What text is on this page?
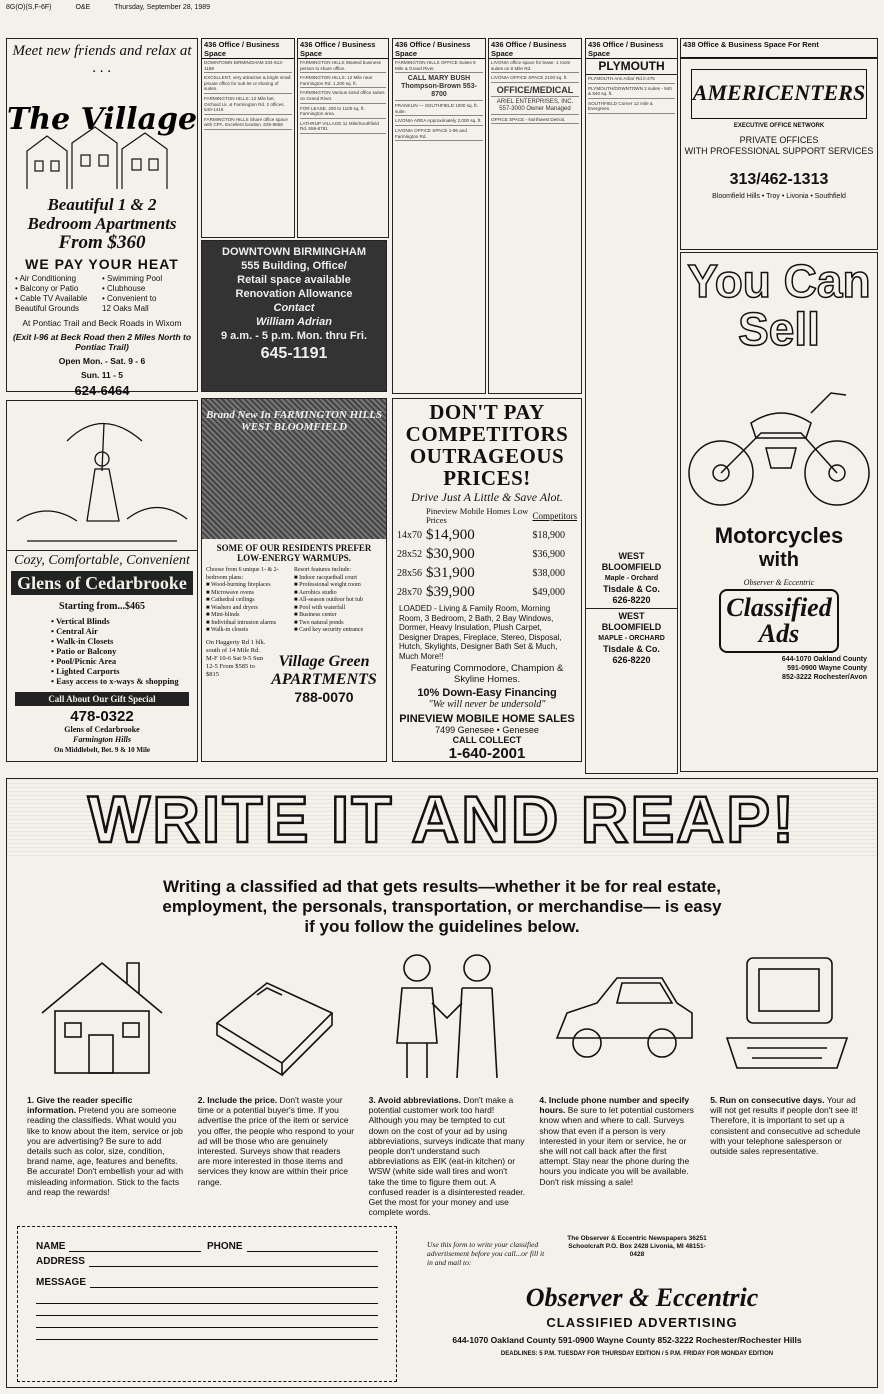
8G(O)(S,F-6F)	O&E	Thursday, September 28, 1989
Meet new friends and relax at . . .
The Village
Beautiful 1 & 2
Bedroom Apartments
From $360
WE PAY YOUR HEAT
• Air Conditioning	• Swimming Pool
• Balcony or Patio	• Clubhouse
• Cable TV Available	• Convenient to
Beautiful Grounds	12 Oaks Mall
At Pontiac Trail and Beck Roads in Wixom
(Exit I-96 at Beck Road then 2 Miles North to Pontiac Trail)
Open Mon. - Sat. 9 - 6
Sun. 11 - 5
624-6464
436 Office / Business Space

DOWNTOWN BIRMINGHAM 334-512-1168

EXCELLENT, very attractive & bright small private office for sub-let or sharing of suites.

FARMINGTON HILLS: 12 Mile bet. Orchard Lk. & Farmington Rd. 2 offices. 540-1416

FARMINGTON HILLS Share office space with CPA. Excellent location. 626-8858

436 Office / Business Space

FARMINGTON HILLS Wanted business person to share office.

FARMINGTON HILLS: 12 Mile near Farmington Rd. 1,200 sq. ft.

FARMINGTON Various sized office suites on Grand River.

FOR LEASE, 200 to 1100 sq. ft. Farmington area.

LATHRUP VILLAGE 11 Mile/Southfield Rd. 559-6791

436 Office / Business Space

FARMINGTON HILLS OFFICE Suites 9 Mile & Grand River.

CALL MARY BUSH Thompson-Brown 553-8700

FRANKLIN — SOUTHFIELD 1000 sq. ft. suite.

LIVONIA AREA Approximately 2,000 sq. ft.

LIVONIA OFFICE SPACE 1-96 and Farmington Rd.

436 Office / Business Space

LIVONIA office space for lease. 1 room suites on 8 Mile Rd.

LIVONIA OFFICE SPACE 2100 sq. ft.

OFFICE/MEDICAL

ARIEL ENTERPRISES, INC. 557-3000 Owner Managed

OFFICE SPACE - Northwest Detroit.

436 Office / Business Space
PLYMOUTH

PLYMOUTH Ann Arbor Rd./I-275

PLYMOUTH/DOWNTOWN 2 suites - 940 & 840 sq. ft.

SOUTHFIELD Corner 12 mile & Evergreen.

WEST BLOOMFIELD
Maple - Orchard
Tisdale & Co.
626-8220
WEST BLOOMFIELD
MAPLE - ORCHARD
Tisdale & Co.
626-8220
438 Office & Business Space For Rent
AMERICENTERS
EXECUTIVE OFFICE NETWORK
PRIVATE OFFICES
WITH PROFESSIONAL SUPPORT SERVICES
313/462-1313
Bloomfield Hills • Troy • Livonia • Southfield
DOWNTOWN BIRMINGHAM
555 Building, Office/
Retail space available
Renovation Allowance
Contact
William Adrian
9 a.m. - 5 p.m. Mon. thru Fri.
645-1191
Cozy, Comfortable, Convenient
Glens of Cedarbrooke
Starting from...$465
• Vertical Blinds
• Central Air
• Walk-in Closets
• Patio or Balcony
• Pool/Picnic Area
• Lighted Carports
• Easy access to x-ways & shopping
Call About Our Gift Special
478-0322
Glens of Cedarbrooke
Farmington Hills
On Middlebelt, Bet. 9 & 10 Mile
Brand New In FARMINGTON HILLS WEST BLOOMFIELD
SOME OF OUR RESIDENTS PREFER LOW-ENERGY WARMUPS.
Choose from 6 unique 1- & 2-bedroom plans:
■ Wood-burning fireplaces
■ Microwave ovens
■ Cathedral ceilings
■ Washers and dryers
■ Mini-blinds
■ Individual intrusion alarms
■ Walk-in closets
Resort features include:
■ Indoor racquetball court
■ Professional weight room
■ Aerobics studio
■ All-season outdoor hot tub
■ Pool with waterfall
■ Business center
■ Two natural ponds
■ Card key security entrance
On Haggerty Rd 1 blk. south of 14 Mile Rd. M-F 10-6 Sat 9-5 Sun 12-5 From $585 to $815
Village Green APARTMENTS
788-0070
DON'T PAY
COMPETITORS
OUTRAGEOUS
PRICES!
Drive Just A Little & Save Alot.
	Pineview Mobile Homes Low Prices	Competitors
14x70	$14,900	$18,900
28x52	$30,900	$36,900
28x56	$31,900	$38,000
28x70	$39,900	$49,000
LOADED - Living & Family Room, Morning Room, 3 Bedroom, 2 Bath, 2 Bay Windows, Dormer, Heavy Insulation, Plush Carpet, Designer Drapes, Fireplace, Stereo, Disposal, Hutch, Skylights, Designer Bath Set & Much, Much More!!
Featuring Commodore, Champion & Skyline Homes.
10% Down-Easy Financing
"We will never be undersold"
PINEVIEW MOBILE HOME SALES
7499 Genesee • Genesee
CALL COLLECT
1-640-2001
You Can Sell
Motorcycles
with
Observer & Eccentric
Classified Ads
644-1070 Oakland County
591-0900 Wayne County
852-3222 Rochester/Avon
WRITE IT AND REAP!
Writing a classified ad that gets results—whether it be for real estate, employment, the personals, transportation, or merchandise— is easy if you follow the guidelines below.
1. Give the reader specific information. Pretend you are someone reading the classifieds. What would you like to know about the item, service or job you are advertising? Be sure to add details such as color, size, condition, brand name, age, features and benefits. Be accurate! Don't embellish your ad with misleading information. Stick to the facts and reap the rewards!
2. Include the price. Don't waste your time or a potential buyer's time. If you advertise the price of the item or service you offer, the people who respond to your ad will be those who are genuinely interested. Surveys show that readers are more interested in those items and services they know are within their price range.
3. Avoid abbreviations. Don't make a potential customer work too hard! Although you may be tempted to cut down on the cost of your ad by using abbreviations, surveys indicate that many people don't understand such abbreviations as EIK (eat-in kitchen) or WSW (white side wall tires and won't take the time to figure them out. A confused reader is a disinterested reader. Get the most for your money and use complete words.
4. Include phone number and specify hours. Be sure to let potential customers know when and where to call. Surveys show that even if a person is very interested in your item or service, he or she will not call back after the first attempt. Stay near the phone during the hours you indicate you will be available. Don't risk missing a sale!
5. Run on consecutive days. Your ad will not get results if people don't see it! Therefore, it is important to set up a consistent and consecutive ad schedule with your telephone salesperson or outside sales representative.
NAME	PHONE
ADDRESS
MESSAGE
Use this form to write your classified advertisement before you call...or fill it in and mail to:
The Observer & Eccentric Newspapers 36251 Schoolcraft P.O. Box 2428 Livonia, MI 48151-0428
Observer & Eccentric
CLASSIFIED ADVERTISING
644-1070 Oakland County 591-0900 Wayne County 852-3222 Rochester/Rochester Hills
DEADLINES: 5 P.M. TUESDAY FOR THURSDAY EDITION / 5 P.M. FRIDAY FOR MONDAY EDITION
